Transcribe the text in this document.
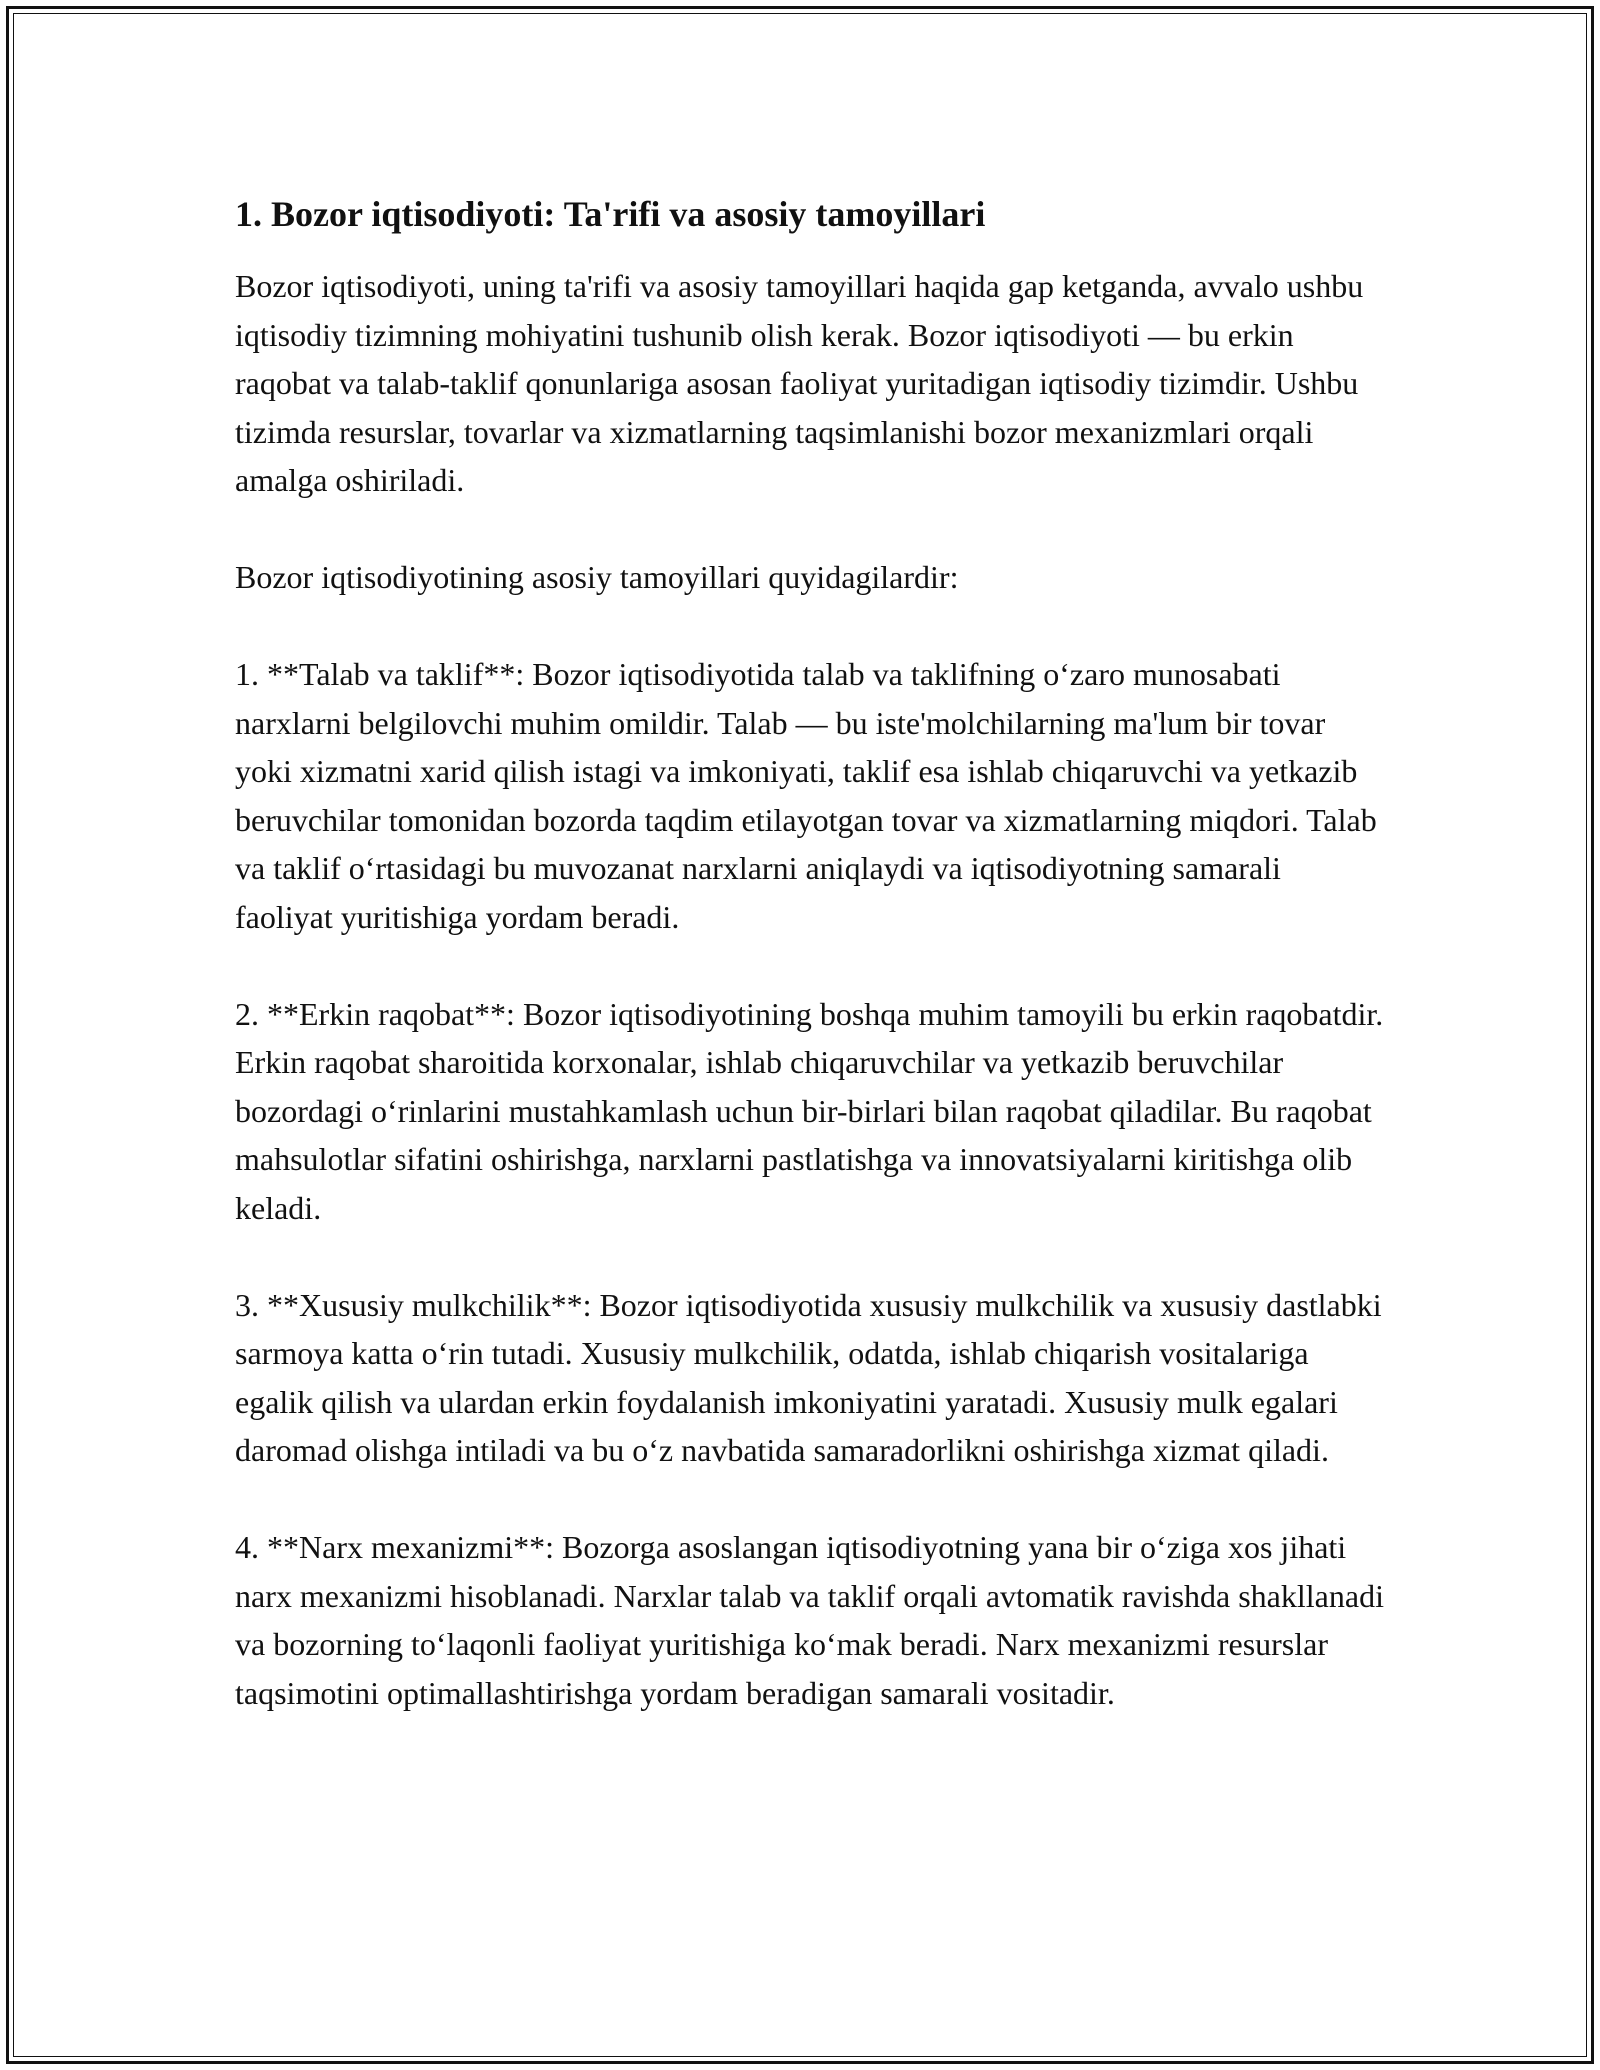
1. Bozor iqtisodiyoti: Ta'rifi va asosiy tamoyillari

Bozor iqtisodiyoti, uning ta'rifi va asosiy tamoyillari haqida gap ketganda, avvalo ushbu iqtisodiy tizimning mohiyatini tushunib olish kerak. Bozor iqtisodiyoti — bu erkin raqobat va talab-taklif qonunlariga asosan faoliyat yuritadigan iqtisodiy tizimdir. Ushbu tizimda resurslar, tovarlar va xizmatlarning taqsimlanishi bozor mexanizmlari orqali amalga oshiriladi.

Bozor iqtisodiyotining asosiy tamoyillari quyidagilardir:

1. **Talab va taklif**: Bozor iqtisodiyotida talab va taklifning oʻzaro munosabati narxlarni belgilovchi muhim omildir. Talab — bu iste'molchilarning ma'lum bir tovar yoki xizmatni xarid qilish istagi va imkoniyati, taklif esa ishlab chiqaruvchi va yetkazib beruvchilar tomonidan bozorda taqdim etilayotgan tovar va xizmatlarning miqdori. Talab va taklif oʻrtasidagi bu muvozanat narxlarni aniqlaydi va iqtisodiyotning samarali faoliyat yuritishiga yordam beradi.

2. **Erkin raqobat**: Bozor iqtisodiyotining boshqa muhim tamoyili bu erkin raqobatdir. Erkin raqobat sharoitida korxonalar, ishlab chiqaruvchilar va yetkazib beruvchilar bozordagi oʻrinlarini mustahkamlash uchun bir-birlari bilan raqobat qiladilar. Bu raqobat mahsulotlar sifatini oshirishga, narxlarni pastlatishga va innovatsiyalarni kiritishga olib keladi.

3. **Xususiy mulkchilik**: Bozor iqtisodiyotida xususiy mulkchilik va xususiy dastlabki sarmoya katta oʻrin tutadi. Xususiy mulkchilik, odatda, ishlab chiqarish vositalariga egalik qilish va ulardan erkin foydalanish imkoniyatini yaratadi. Xususiy mulk egalari daromad olishga intiladi va bu oʻz navbatida samaradorlikni oshirishga xizmat qiladi.

4. **Narx mexanizmi**: Bozorga asoslangan iqtisodiyotning yana bir oʻziga xos jihati narx mexanizmi hisoblanadi. Narxlar talab va taklif orqali avtomatik ravishda shakllanadi va bozorning toʻlaqonli faoliyat yuritishiga koʻmak beradi. Narx mexanizmi resurslar taqsimotini optimallashtirishga yordam beradigan samarali vositadir.
